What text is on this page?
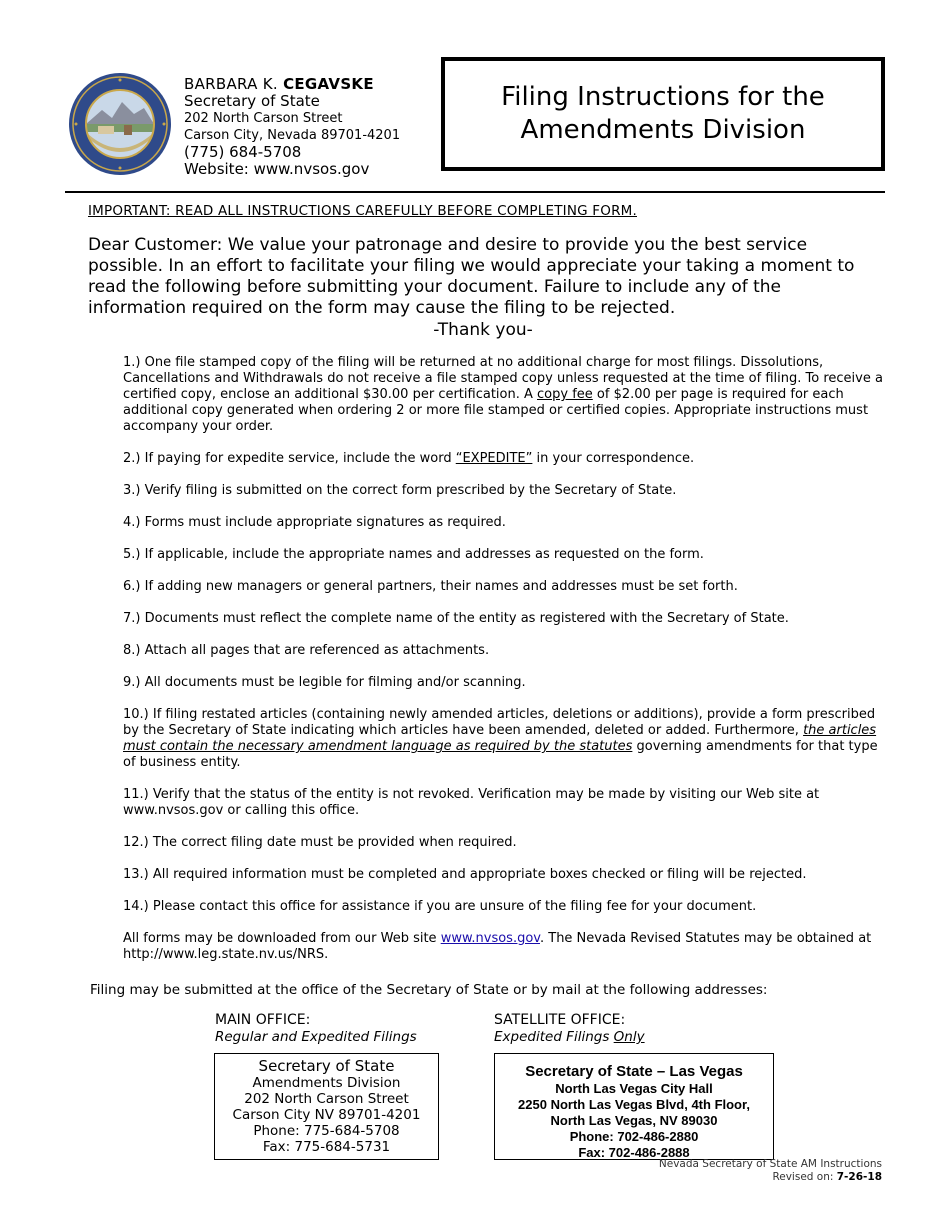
BARBARA K. CEGAVSKE
Secretary of State
202 North Carson Street
Carson City, Nevada 89701-4201
(775) 684-5708
Website: www.nvsos.gov
Filing Instructions for the
Amendments Division
IMPORTANT: READ ALL INSTRUCTIONS CAREFULLY BEFORE COMPLETING FORM.
Dear Customer: We value your patronage and desire to provide you the best service possible. In an effort to facilitate your filing we would appreciate your taking a moment to read the following before submitting your document. Failure to include any of the information required on the form may cause the filing to be rejected.
-Thank you-
1.) One file stamped copy of the filing will be returned at no additional charge for most filings. Dissolutions, Cancellations and Withdrawals do not receive a file stamped copy unless requested at the time of filing. To receive a certified copy, enclose an additional $30.00 per certification. A copy fee of $2.00 per page is required for each additional copy generated when ordering 2 or more file stamped or certified copies. Appropriate instructions must accompany your order.
2.) If paying for expedite service, include the word “EXPEDITE” in your correspondence.
3.) Verify filing is submitted on the correct form prescribed by the Secretary of State.
4.) Forms must include appropriate signatures as required.
5.) If applicable, include the appropriate names and addresses as requested on the form.
6.) If adding new managers or general partners, their names and addresses must be set forth.
7.) Documents must reflect the complete name of the entity as registered with the Secretary of State.
8.) Attach all pages that are referenced as attachments.
9.) All documents must be legible for filming and/or scanning.
10.) If filing restated articles (containing newly amended articles, deletions or additions), provide a form prescribed by the Secretary of State indicating which articles have been amended, deleted or added. Furthermore, the articles must contain the necessary amendment language as required by the statutes governing amendments for that type of business entity.
11.) Verify that the status of the entity is not revoked. Verification may be made by visiting our Web site at www.nvsos.gov or calling this office.
12.) The correct filing date must be provided when required.
13.) All required information must be completed and appropriate boxes checked or filing will be rejected.
14.) Please contact this office for assistance if you are unsure of the filing fee for your document.
All forms may be downloaded from our Web site www.nvsos.gov. The Nevada Revised Statutes may be obtained at http://www.leg.state.nv.us/NRS.
Filing may be submitted at the office of the Secretary of State or by mail at the following addresses:
MAIN OFFICE:
Regular and Expedited Filings
Secretary of State
Amendments Division
202 North Carson Street
Carson City NV 89701-4201
Phone: 775-684-5708
Fax: 775-684-5731
SATELLITE OFFICE:
Expedited Filings Only
Secretary of State – Las Vegas
North Las Vegas City Hall
2250 North Las Vegas Blvd, 4th Floor,
North Las Vegas, NV 89030
Phone: 702-486-2880
Fax: 702-486-2888
Nevada Secretary of State AM Instructions
Revised on: 7-26-18
